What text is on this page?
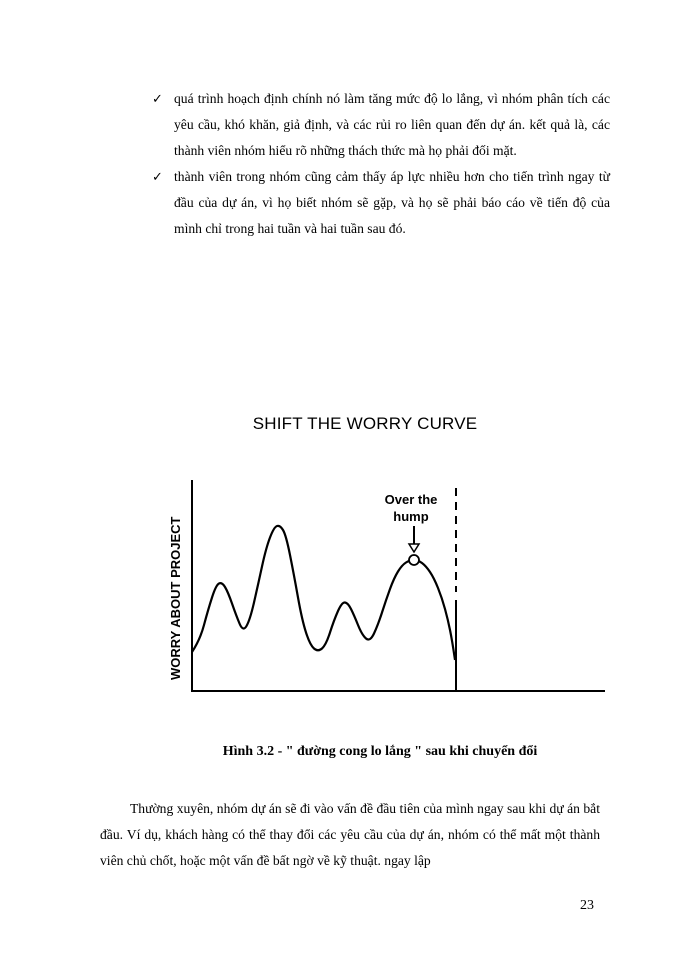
✓ quá trình hoạch định chính nó làm tăng mức độ lo lắng, vì nhóm phân tích các yêu cầu, khó khăn, giả định, và các rủi ro liên quan đến dự án. kết quả là, các thành viên nhóm hiểu rõ những thách thức mà họ phải đối mặt.
✓ thành viên trong nhóm cũng cảm thấy áp lực nhiều hơn cho tiến trình ngay từ đầu của dự án, vì họ biết nhóm sẽ gặp, và họ sẽ phải báo cáo về tiến độ của mình chỉ trong hai tuần và hai tuần sau đó.
SHIFT THE WORRY CURVE
WORRY ABOUT PROJECT
Over the
hump
Hình 3.2 - " đường cong lo lắng " sau khi chuyển đổi
Thường xuyên, nhóm dự án sẽ đi vào vấn đề đầu tiên của mình ngay sau khi dự án bắt đầu. Ví dụ, khách hàng có thể thay đổi các yêu cầu của dự án, nhóm có thể mất một thành viên chủ chốt, hoặc một vấn đề bất ngờ về kỹ thuật. ngay lập
23
